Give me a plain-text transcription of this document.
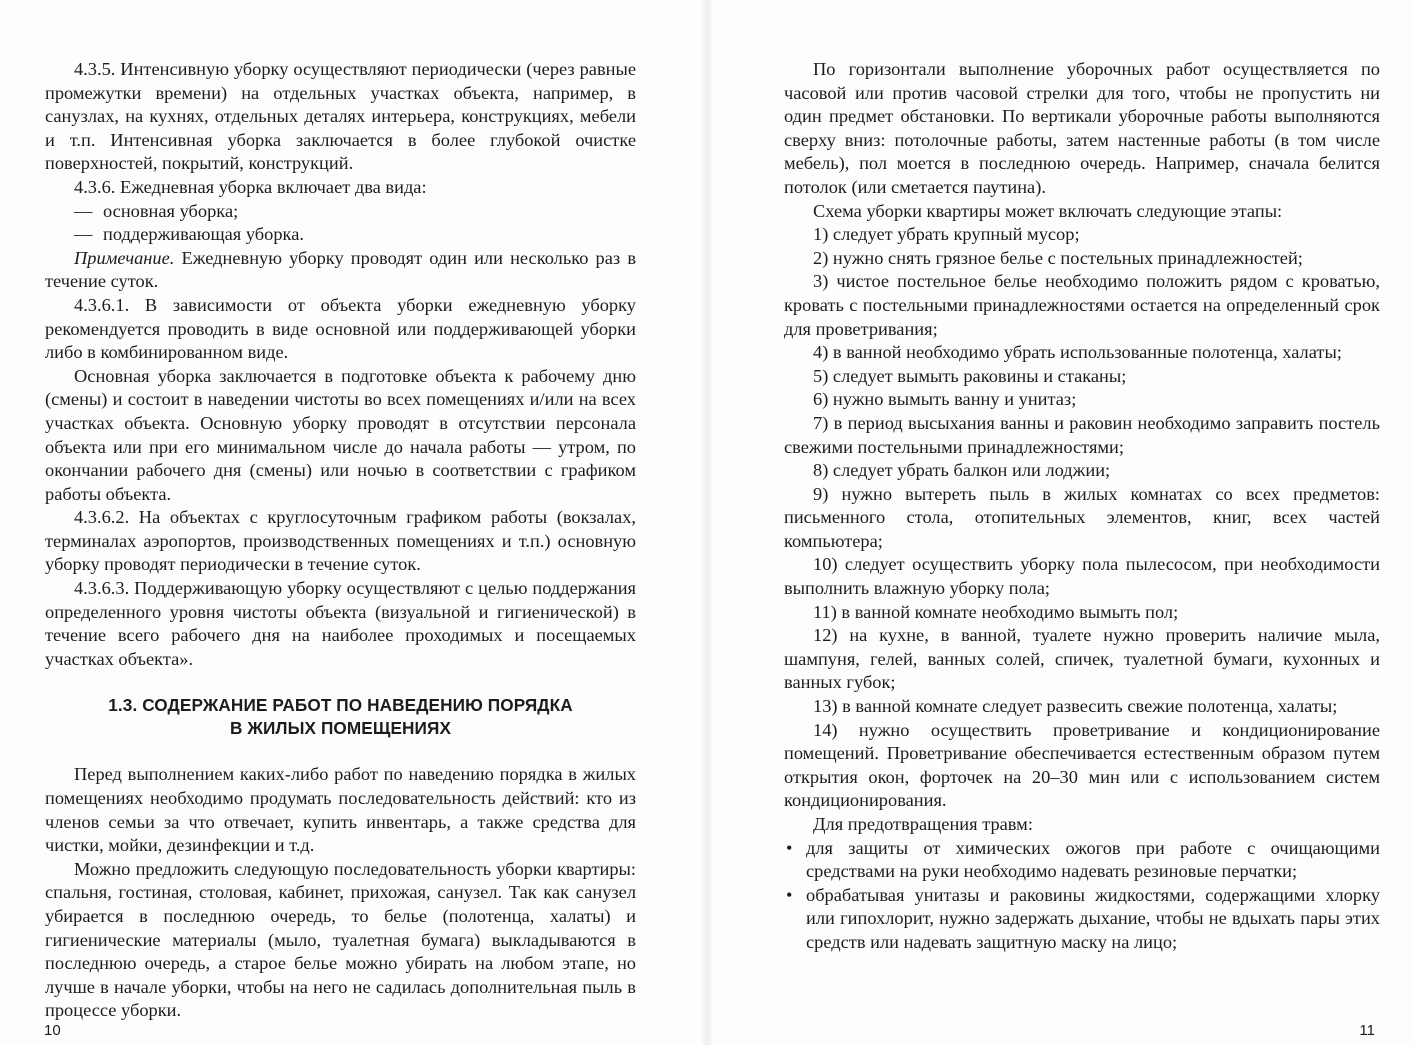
4.3.5. Интенсивную уборку осуществляют периодически (через равные промежутки времени) на отдельных участках объекта, например, в санузлах, на кухнях, отдельных деталях интерьера, конструкциях, мебели и т.п. Интенсивная уборка заключается в более глубокой очистке поверхностей, покрытий, конструкций.

4.3.6. Ежедневная уборка включает два вида:

— основная уборка;

— поддерживающая уборка.

Примечание. Ежедневную уборку проводят один или несколько раз в течение суток.

4.3.6.1. В зависимости от объекта уборки ежедневную уборку рекомендуется проводить в виде основной или поддерживающей уборки либо в комбинированном виде.

Основная уборка заключается в подготовке объекта к рабочему дню (смены) и состоит в наведении чистоты во всех помещениях и/или на всех участках объекта. Основную уборку проводят в отсутствии персонала объекта или при его минимальном числе до начала работы — утром, по окончании рабочего дня (смены) или ночью в соответствии с графиком работы объекта.

4.3.6.2. На объектах с круглосуточным графиком работы (вокзалах, терминалах аэропортов, производственных помещениях и т.п.) основную уборку проводят периодически в течение суток.

4.3.6.3. Поддерживающую уборку осуществляют с целью поддержания определенного уровня чистоты объекта (визуальной и гигиенической) в течение всего рабочего дня на наиболее проходимых и посещаемых участках объекта».

1.3. СОДЕРЖАНИЕ РАБОТ ПО НАВЕДЕНИЮ ПОРЯДКА
В ЖИЛЫХ ПОМЕЩЕНИЯХ

Перед выполнением каких-либо работ по наведению порядка в жилых помещениях необходимо продумать последовательность действий: кто из членов семьи за что отвечает, купить инвентарь, а также средства для чистки, мойки, дезинфекции и т.д.

Можно предложить следующую последовательность уборки квартиры: спальня, гостиная, столовая, кабинет, прихожая, санузел. Так как санузел убирается в последнюю очередь, то белье (полотенца, халаты) и гигиенические материалы (мыло, туалетная бумага) выкладываются в последнюю очередь, а старое белье можно убирать на любом этапе, но лучше в начале уборки, чтобы на него не садилась дополнительная пыль в процессе уборки.

10

По горизонтали выполнение уборочных работ осуществляется по часовой или против часовой стрелки для того, чтобы не пропустить ни один предмет обстановки. По вертикали уборочные работы выполняются сверху вниз: потолочные работы, затем настенные работы (в том числе мебель), пол моется в последнюю очередь. Например, сначала белится потолок (или сметается паутина).

Схема уборки квартиры может включать следующие этапы:

1) следует убрать крупный мусор;

2) нужно снять грязное белье с постельных принадлежностей;

3) чистое постельное белье необходимо положить рядом с кроватью, кровать с постельными принадлежностями остается на определенный срок для проветривания;

4) в ванной необходимо убрать использованные полотенца, халаты;

5) следует вымыть раковины и стаканы;

6) нужно вымыть ванну и унитаз;

7) в период высыхания ванны и раковин необходимо заправить постель свежими постельными принадлежностями;

8) следует убрать балкон или лоджии;

9) нужно вытереть пыль в жилых комнатах со всех предметов: письменного стола, отопительных элементов, книг, всех частей компьютера;

10) следует осуществить уборку пола пылесосом, при необходимости выполнить влажную уборку пола;

11) в ванной комнате необходимо вымыть пол;

12) на кухне, в ванной, туалете нужно проверить наличие мыла, шампуня, гелей, ванных солей, спичек, туалетной бумаги, кухонных и ванных губок;

13) в ванной комнате следует развесить свежие полотенца, халаты;

14) нужно осуществить проветривание и кондиционирование помещений. Проветривание обеспечивается естественным образом путем открытия окон, форточек на 20–30 мин или с использованием систем кондиционирования.

Для предотвращения травм:

• для защиты от химических ожогов при работе с очищающими средствами на руки необходимо надевать резиновые перчатки;

• обрабатывая унитазы и раковины жидкостями, содержащими хлорку или гипохлорит, нужно задержать дыхание, чтобы не вдыхать пары этих средств или надевать защитную маску на лицо;

11
